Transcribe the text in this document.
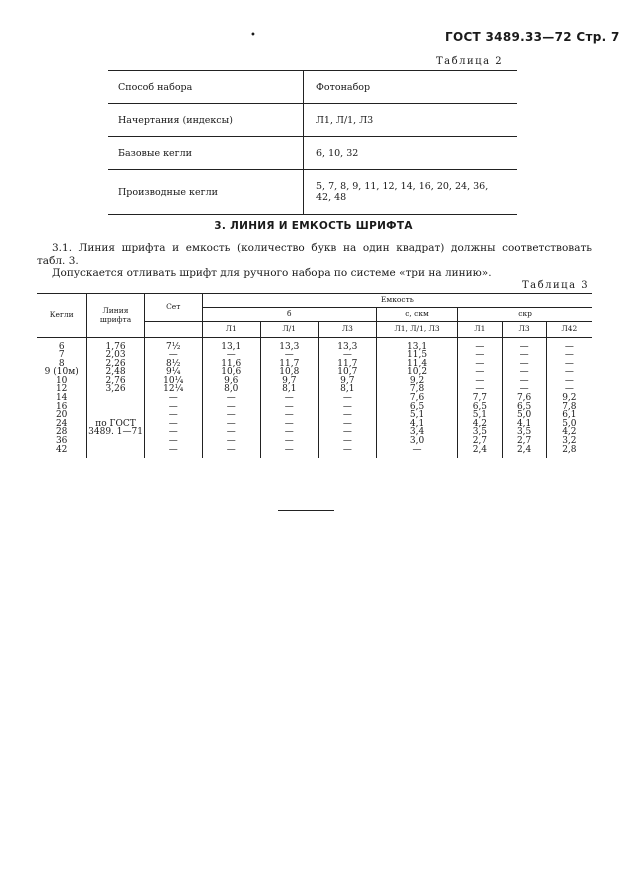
•	ГОСТ 3489.33—72 Стр. 7
Таблица 2
Способ набора	Фотонабор
Начертания (индексы)	Л1, Л/1, Л3
Базовые кегли	6, 10, 32
Производные кегли	5, 7, 8, 9, 11, 12, 14, 16, 20, 24, 36,
42, 48
3. ЛИНИЯ И ЕМКОСТЬ ШРИФТА
3.1. Линия шрифта и емкость (количество букв на один квадрат) должны соответствовать
табл. 3.
Допускается отливать шрифт для ручного набора по системе «три на линию».
Таблица 3
Кегли	Линия шрифта	Сет	Емкость						
			б			с, скм	скр		
			Л1	Л/1	Л3	Л1, Л/1, Л3	Л1	Л3	Л42

6	1,76	7½	13,1	13,3	13,3	13,1	—	—	—
7	2,03	—	—	—	—	11,5	—	—	—
8	2,26	8½	11,6	11,7	11,7	11,4	—	—	—
9 (10м)	2,48	9¼	10,6	10,8	10,7	10,2	—	—	—
10	2,76	10¼	9,6	9,7	9,7	9,2	—	—	—
12	3,26	12¼	8,0	8,1	8,1	7,8	—	—	—
14		—	—	—	—	7,6	7,7	7,6	9,2
16		—	—	—	—	6,5	6,5	6,5	7,8
20		—	—	—	—	5,1	5,1	5,0	6,1
24	по ГОСТ	—	—	—	—	4,1	4,2	4,1	5,0
28	3489. 1—71	—	—	—	—	3,4	3,5	3,5	4,2
36		—	—	—	—	3,0	2,7	2,7	3,2
42		—	—	—	—	—	2,4	2,4	2,8
